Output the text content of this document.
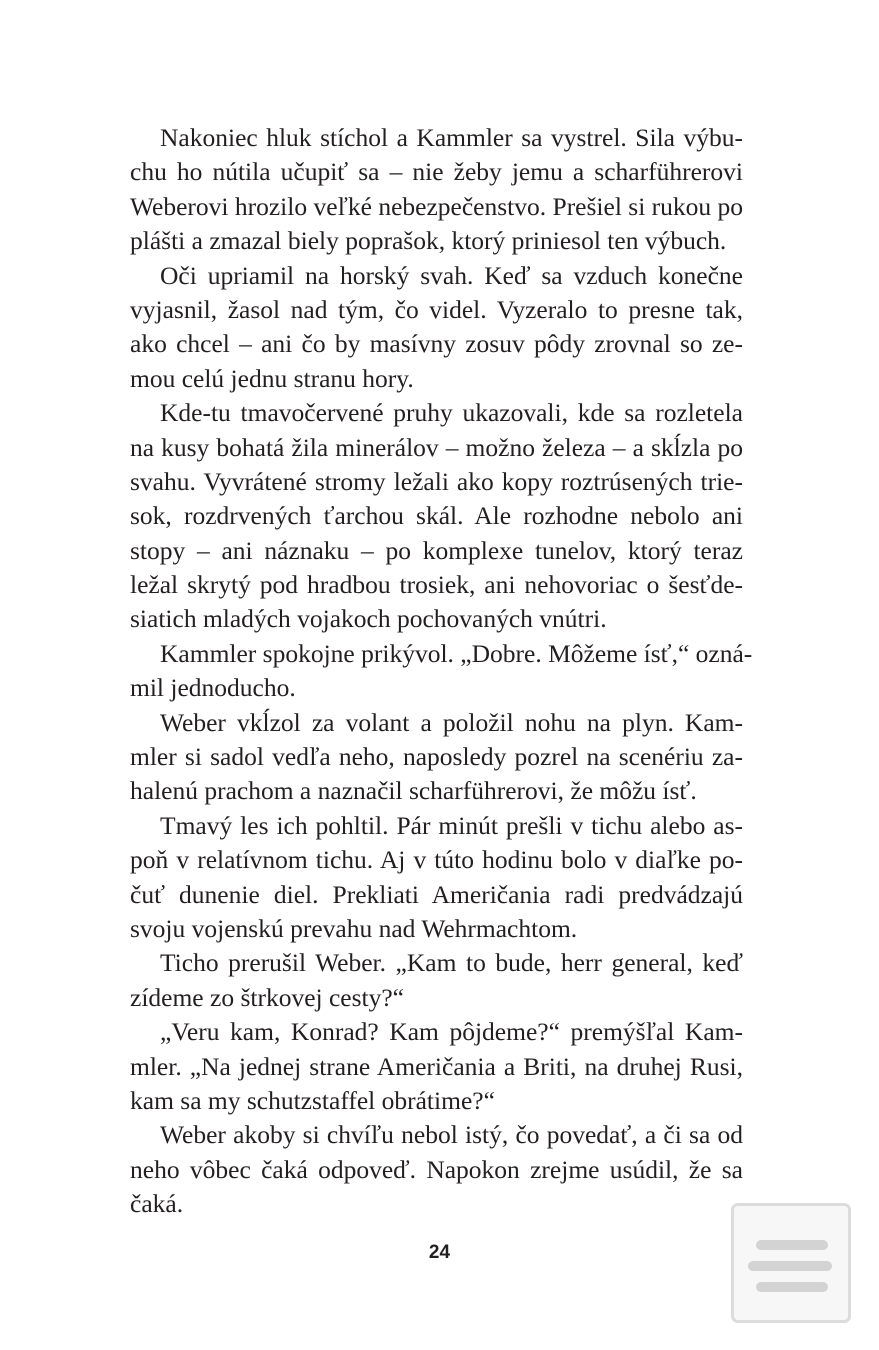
Nakoniec hluk stíchol a Kammler sa vystrel. Sila výbu-
chu ho nútila učupiť sa – nie žeby jemu a scharführerovi
Weberovi hrozilo veľké nebezpečenstvo. Prešiel si rukou po
plášti a zmazal biely poprašok, ktorý priniesol ten výbuch.
Oči upriamil na horský svah. Keď sa vzduch konečne
vyjasnil, žasol nad tým, čo videl. Vyzeralo to presne tak,
ako chcel – ani čo by masívny zosuv pôdy zrovnal so ze-
mou celú jednu stranu hory.
Kde-tu tmavočervené pruhy ukazovali, kde sa rozletela
na kusy bohatá žila minerálov – možno železa – a skĺzla po
svahu. Vyvrátené stromy ležali ako kopy roztrúsených trie-
sok, rozdrvených ťarchou skál. Ale rozhodne nebolo ani
stopy – ani náznaku – po komplexe tunelov, ktorý teraz
ležal skrytý pod hradbou trosiek, ani nehovoriac o šesťde-
siatich mladých vojakoch pochovaných vnútri.
Kammler spokojne prikývol. „Dobre. Môžeme ísť,“ ozná-
mil jednoducho.
Weber vkĺzol za volant a položil nohu na plyn. Kam-
mler si sadol vedľa neho, naposledy pozrel na scenériu za-
halenú prachom a naznačil scharführerovi, že môžu ísť.
Tmavý les ich pohltil. Pár minút prešli v tichu alebo as-
poň v relatívnom tichu. Aj v túto hodinu bolo v diaľke po-
čuť dunenie diel. Prekliati Američania radi predvádzajú
svoju vojenskú prevahu nad Wehrmachtom.
Ticho prerušil Weber. „Kam to bude, herr general, keď
zídeme zo štrkovej cesty?“
„Veru kam, Konrad? Kam pôjdeme?“ premýšľal Kam-
mler. „Na jednej strane Američania a Briti, na druhej Rusi,
kam sa my schutzstaffel obrátime?“
Weber akoby si chvíľu nebol istý, čo povedať, a či sa od
neho vôbec čaká odpoveď. Napokon zrejme usúdil, že sa
čaká.
24
